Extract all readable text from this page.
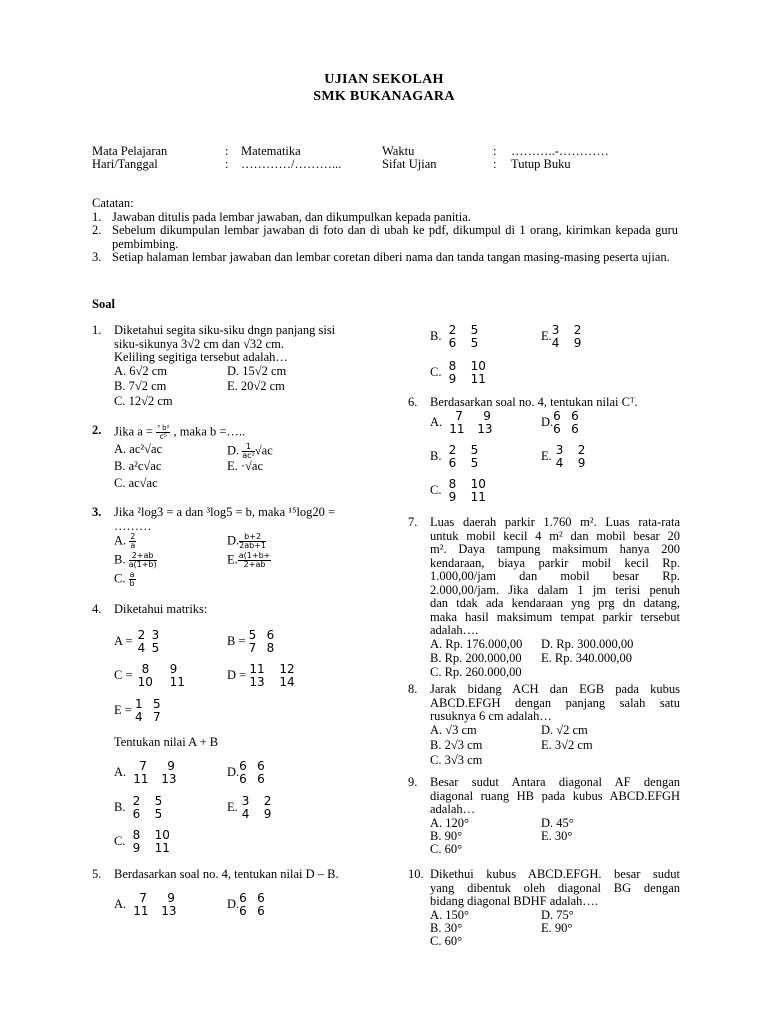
UJIAN SEKOLAH
SMK BUKANAGARA
Mata Pelajaran	: Matematika	Waktu	: ………..-…………
Hari/Tanggal	: …………/………...	Sifat Ujian	: Tutup Buku
Catatan:
1. Jawaban ditulis pada lembar jawaban, dan dikumpulkan kepada panitia.
2. Sebelum dikumpulan lembar jawaban di foto dan di ubah ke pdf, dikumpul di 1 orang, kirimkan kepada guru pembimbing.
3. Setiap halaman lembar jawaban dan lembar coretan diberi nama dan tanda tangan masing-masing peserta ujian.
Soal
1. Diketahui segita siku-siku dngn panjang sisi
siku-sikunya 3√2 cm dan √32 cm.
Keliling segitiga tersebut adalah…
A. 6√2 cm	D. 15√2 cm
B. 7√2 cm	E. 20√2 cm
C. 12√2 cm
2. Jika $a = \frac{\text{³ b²}}{\text{c⁵}}$ , maka b =…..
A. ac²√ac	D. $\frac{1}{\text{ac²}} √ac$
B. a²c√ac	E. ·√ac
C. ac√ac
3. Jika ²log3 = a dan ³log5 = b, maka ¹⁵log20 =
………
A. $\frac{2}{a}$	D. $\frac{b+2}{2ab+1}$
B. $\frac{2+ab}{a(1+b)}$	E. $\frac{a(1+b+}{2+ab}$
C. $\frac{a}{b}$
4. Diketahui matriks:
A = 2 3
4 5
B = 5 6
7 8
C = 8 9
10 11
D = 11 12
13 14
E = 1 5
4 7
Tentukan nilai A + B
A.	7 9
11 13
D. 6 6
6 6
B. 2 5
6 5
E. 3 2
4 9
C. 8 10
9 11
5. Berdasarkan soal no. 4, tentukan nilai D – B.
A.	7 9
11 13
D. 6 6
6 6
B. 2 5
6 5
E. 3 2
4 9
C. 8 10
9 11
6. Berdasarkan soal no. 4, tentukan nilai Cᵀ.
A.	7 9
11 13
D. 6 6
6 6
B. 2 5
6 5
E. 3 2
4 9
C. 8 10
9 11
7. Luas daerah parkir 1.760 m². Luas rata-rata
untuk mobil kecil 4 m² dan mobil besar 20
m². Daya tampung maksimum hanya 200
kendaraan, biaya parkir mobil kecil Rp.
1.000,00/jam dan mobil besar Rp.
2.000,00/jam. Jika dalam 1 jm terisi penuh
dan tdak ada kendaraan yng prg dn datang,
maka hasil maksimum tempat parkir tersebut
adalah….
A. Rp. 176.000,00 D. Rp. 300.000,00
B. Rp. 200.000,00 E. Rp. 340.000,00
C. Rp. 260.000,00
8. Jarak bidang ACH dan EGB pada kubus
ABCD.EFGH dengan panjang salah satu
rusuknya 6 cm adalah…
A. √3 cm	D. √2 cm
B. 2√3 cm	E. 3√2 cm
C. 3√3 cm
9. Besar sudut Antara diagonal AF dengan
diagonal ruang HB pada kubus ABCD.EFGH
adalah…
A. 120°	D. 45°
B. 90°	E. 30°
C. 60°
10. Dikethui kubus ABCD.EFGH. besar sudut
yang dibentuk oleh diagonal BG dengan
bidang diagonal BDHF adalah….
A. 150°	D. 75°
B. 30°	E. 90°
C. 60°
